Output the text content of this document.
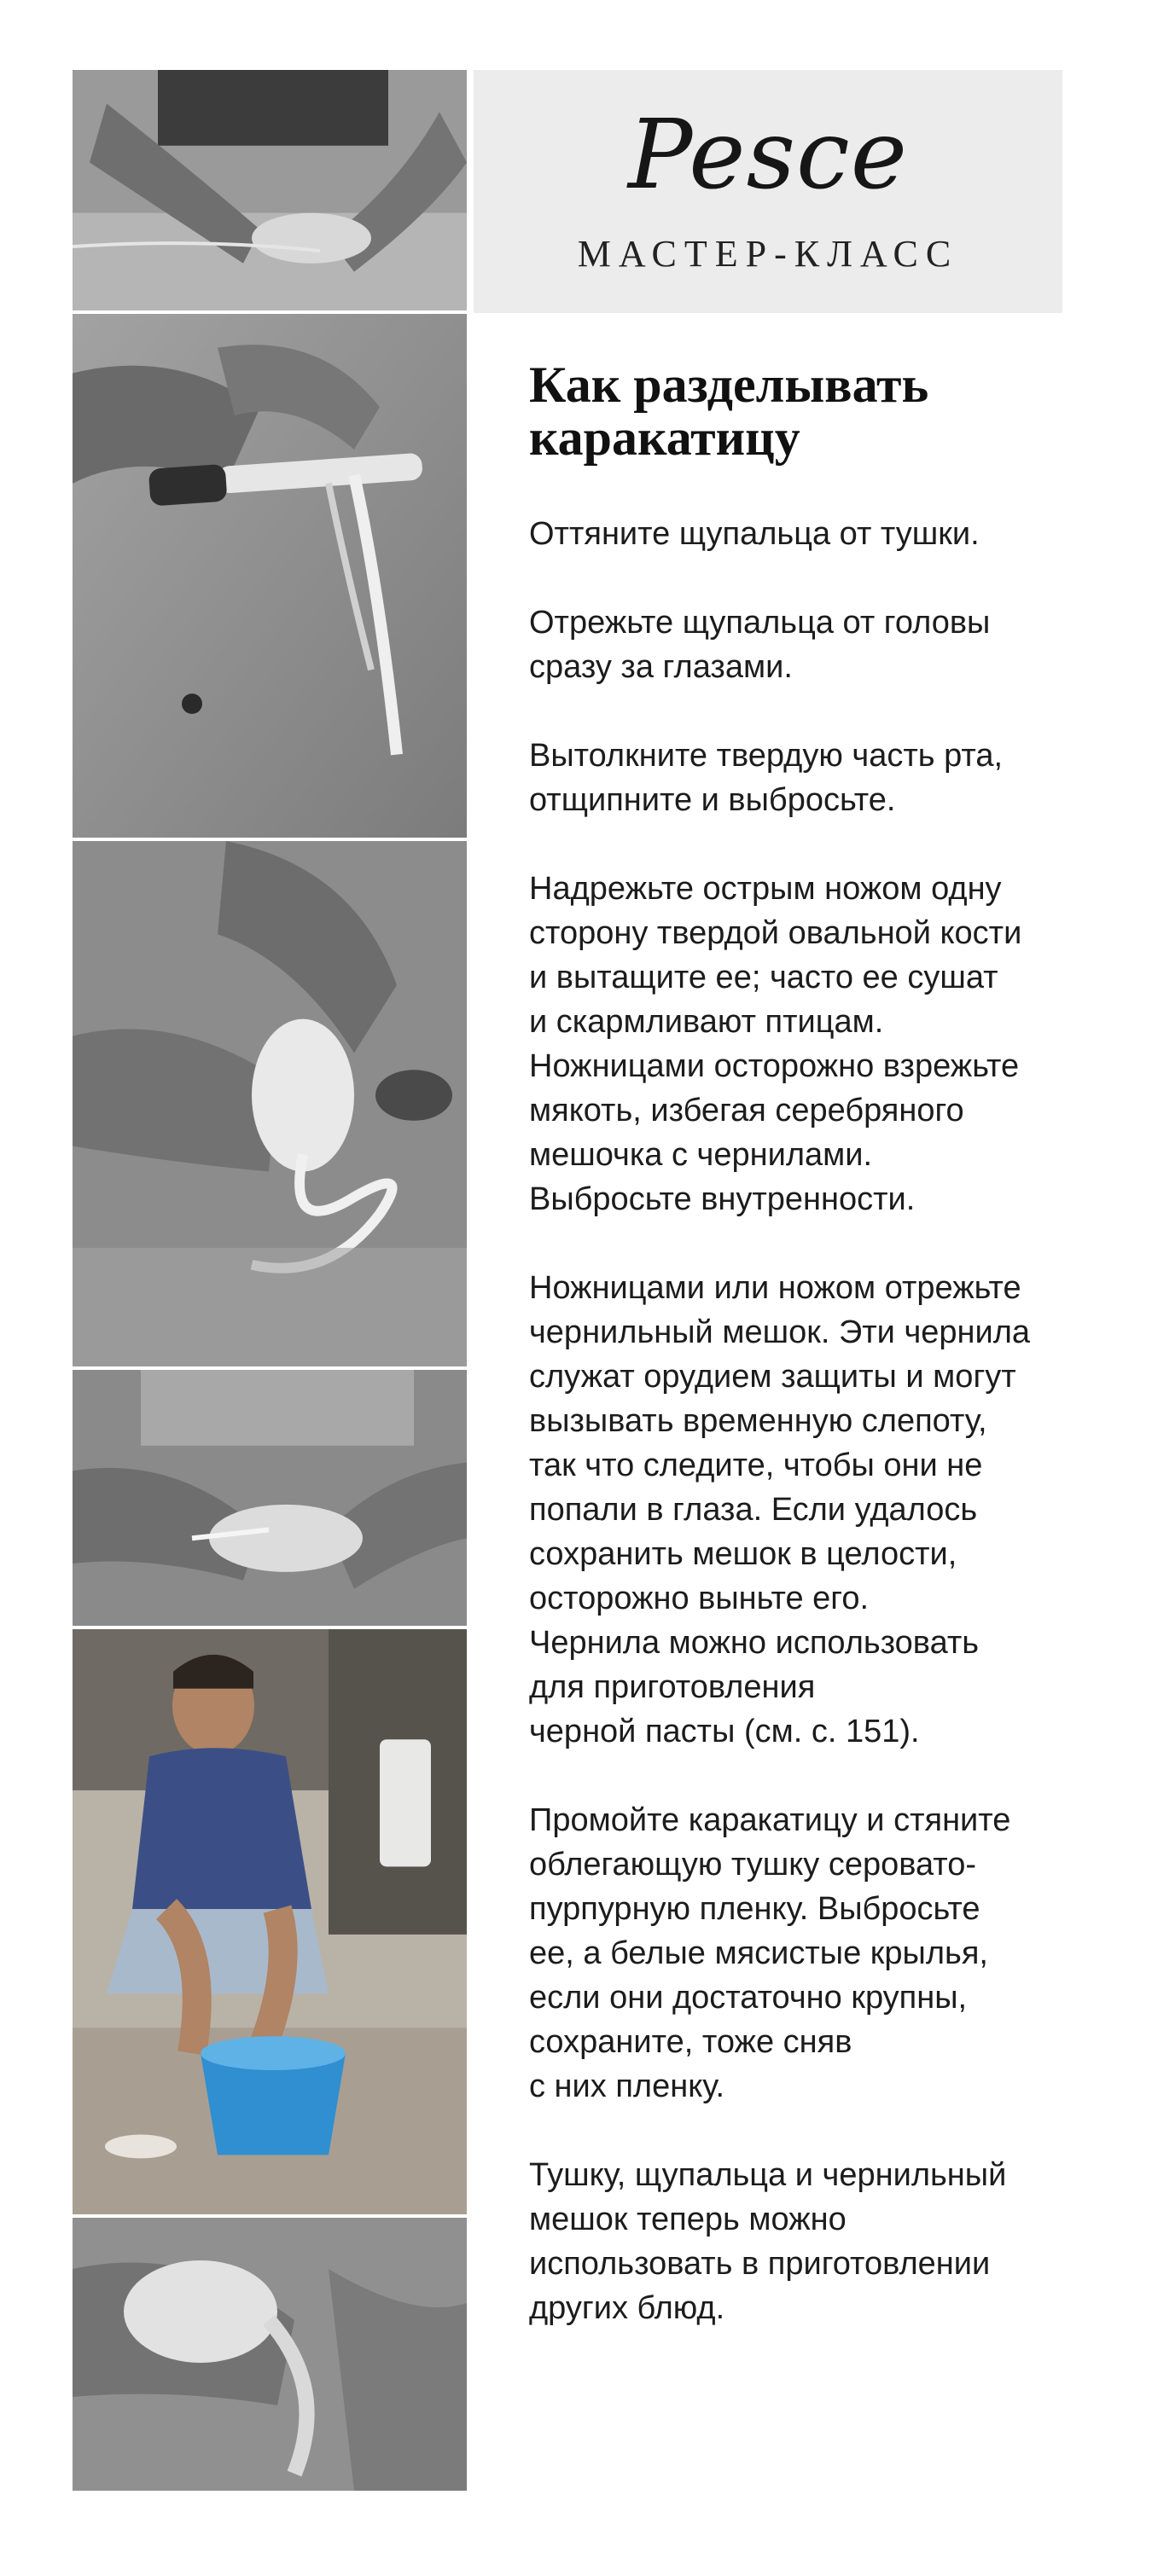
Pesce
МАСТЕР-КЛАСС
Как разделывать каракатицу
Оттяните щупальца от тушки.
Отрежьте щупальца от головы
сразу за глазами.
Вытолкните твердую часть рта,
отщипните и выбросьте.
Надрежьте острым ножом одну
сторону твердой овальной кости
и вытащите ее; часто ее сушат
и скармливают птицам.
Ножницами осторожно взрежьте
мякоть, избегая серебряного
мешочка с чернилами.
Выбросьте внутренности.
Ножницами или ножом отрежьте
чернильный мешок. Эти чернила
служат орудием защиты и могут
вызывать временную слепоту,
так что следите, чтобы они не
попали в глаза. Если удалось
сохранить мешок в целости,
осторожно выньте его.
Чернила можно использовать
для приготовления
черной пасты (см. с. 151).
Промойте каракатицу и стяните
облегающую тушку серовато-
пурпурную пленку. Выбросьте
ее, а белые мясистые крылья,
если они достаточно крупны,
сохраните, тоже сняв
с них пленку.
Тушку, щупальца и чернильный
мешок теперь можно
использовать в приготовлении
других блюд.
